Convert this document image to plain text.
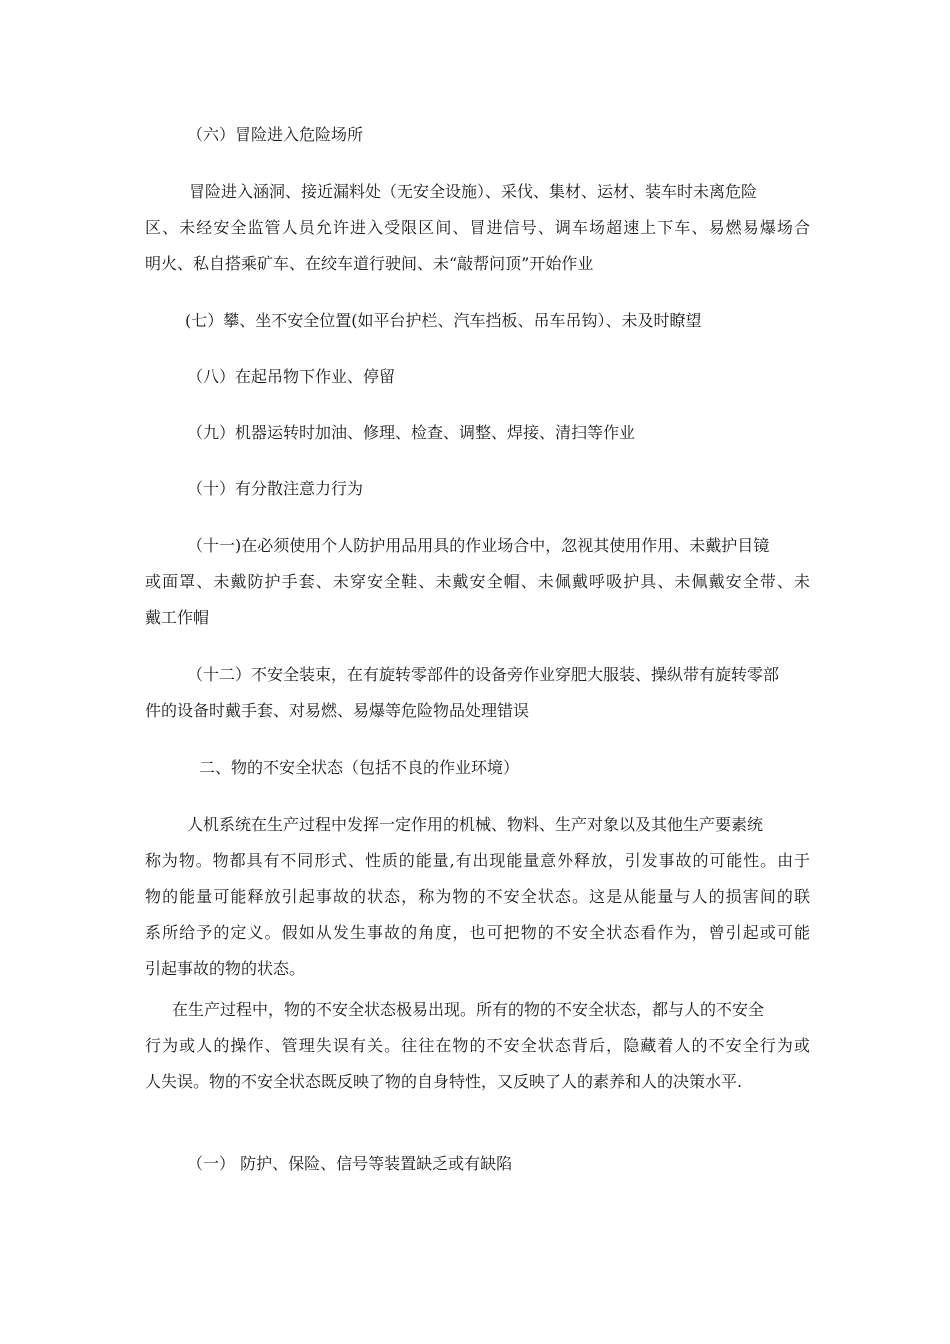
（六）冒险进入危险场所
冒险进入涵洞、接近漏料处（无安全设施）、采伐、集材、运材、装车时未离危险
区、未经安全监管人员允许进入受限区间、冒进信号、调车场超速上下车、易燃易爆场合
明火、私自搭乘矿车、在绞车道行驶间、未“敲帮问顶”开始作业
(七）攀、坐不安全位置(如平台护栏、汽车挡板、吊车吊钩）、未及时瞭望
（八）在起吊物下作业、停留
（九）机器运转时加油、修理、检查、调整、焊接、清扫等作业
（十）有分散注意力行为
（十一)在必须使用个人防护用品用具的作业场合中，忽视其使用作用、未戴护目镜
或面罩、未戴防护手套、未穿安全鞋、未戴安全帽、未佩戴呼吸护具、未佩戴安全带、未
戴工作帽
（十二）不安全装束，在有旋转零部件的设备旁作业穿肥大服装、操纵带有旋转零部
件的设备时戴手套、对易燃、易爆等危险物品处理错误
二、物的不安全状态（包括不良的作业环境）
人机系统在生产过程中发挥一定作用的机械、物料、生产对象以及其他生产要素统
称为物。物都具有不同形式、性质的能量,有出现能量意外释放，引发事故的可能性。由于
物的能量可能释放引起事故的状态，称为物的不安全状态。这是从能量与人的损害间的联
系所给予的定义。假如从发生事故的角度，也可把物的不安全状态看作为，曾引起或可能
引起事故的物的状态。
在生产过程中，物的不安全状态极易出现。所有的物的不安全状态，都与人的不安全
行为或人的操作、管理失误有关。往往在物的不安全状态背后，隐藏着人的不安全行为或
人失误。物的不安全状态既反映了物的自身特性，又反映了人的素养和人的决策水平.
（一） 防护、保险、信号等装置缺乏或有缺陷
